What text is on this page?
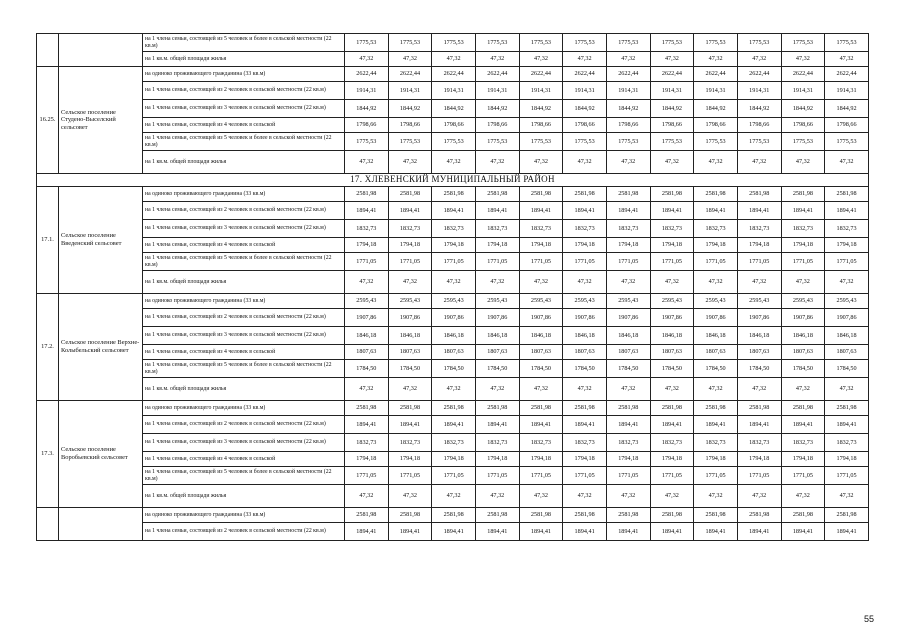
		на 1 члена семьи, состоящей из 5 человек и более в сельской местности (22 кв.м)	1775,53	1775,53	1775,53	1775,53	1775,53	1775,53	1775,53	1775,53	1775,53	1775,53	1775,53	1775,53
		на 1 кв.м. общей площади жилья	47,32	47,32	47,32	47,32	47,32	47,32	47,32	47,32	47,32	47,32	47,32	47,32
16.25.	Сельское поселение Студено-Выселский сельсовет	на одиноко проживающего гражданина (33 кв.м)	2622,44	2622,44	2622,44	2622,44	2622,44	2622,44	2622,44	2622,44	2622,44	2622,44	2622,44	2622,44
		на 1 члена семьи, состоящей из 2 человек в сельской местности (22 кв.м)	1914,31	1914,31	1914,31	1914,31	1914,31	1914,31	1914,31	1914,31	1914,31	1914,31	1914,31	1914,31
		на 1 члена семьи, состоящей из 3 человек в сельской местности (22 кв.м)	1844,92	1844,92	1844,92	1844,92	1844,92	1844,92	1844,92	1844,92	1844,92	1844,92	1844,92	1844,92
		на 1 члена семьи, состоящей из 4 человек в сельской	1798,66	1798,66	1798,66	1798,66	1798,66	1798,66	1798,66	1798,66	1798,66	1798,66	1798,66	1798,66
		на 1 члена семьи, состоящей из 5 человек и более в сельской местности (22 кв.м)	1775,53	1775,53	1775,53	1775,53	1775,53	1775,53	1775,53	1775,53	1775,53	1775,53	1775,53	1775,53
		на 1 кв.м. общей площади жилья	47,32	47,32	47,32	47,32	47,32	47,32	47,32	47,32	47,32	47,32	47,32	47,32
17. ХЛЕВЕНСКИЙ МУНИЦИПАЛЬНЫЙ РАЙОН														
17.1.	Сельское поселение Введенский сельсовет	на одиноко проживающего гражданина (33 кв.м)	2581,98	2581,98	2581,98	2581,98	2581,98	2581,98	2581,98	2581,98	2581,98	2581,98	2581,98	2581,98
		на 1 члена семьи, состоящей из 2 человек в сельской местности (22 кв.м)	1894,41	1894,41	1894,41	1894,41	1894,41	1894,41	1894,41	1894,41	1894,41	1894,41	1894,41	1894,41
		на 1 члена семьи, состоящей из 3 человек в сельской местности (22 кв.м)	1832,73	1832,73	1832,73	1832,73	1832,73	1832,73	1832,73	1832,73	1832,73	1832,73	1832,73	1832,73
		на 1 члена семьи, состоящей из 4 человек в сельской	1794,18	1794,18	1794,18	1794,18	1794,18	1794,18	1794,18	1794,18	1794,18	1794,18	1794,18	1794,18
		на 1 члена семьи, состоящей из 5 человек и более в сельской местности (22 кв.м)	1771,05	1771,05	1771,05	1771,05	1771,05	1771,05	1771,05	1771,05	1771,05	1771,05	1771,05	1771,05
		на 1 кв.м. общей площади жилья	47,32	47,32	47,32	47,32	47,32	47,32	47,32	47,32	47,32	47,32	47,32	47,32
17.2.	Сельское поселение Верхне-Колыбельский сельсовет	на одиноко проживающего гражданина (33 кв.м)	2595,43	2595,43	2595,43	2595,43	2595,43	2595,43	2595,43	2595,43	2595,43	2595,43	2595,43	2595,43
		на 1 члена семьи, состоящей из 2 человек в сельской местности (22 кв.м)	1907,86	1907,86	1907,86	1907,86	1907,86	1907,86	1907,86	1907,86	1907,86	1907,86	1907,86	1907,86
		на 1 члена семьи, состоящей из 3 человек в сельской местности (22 кв.м)	1846,18	1846,18	1846,18	1846,18	1846,18	1846,18	1846,18	1846,18	1846,18	1846,18	1846,18	1846,18
		на 1 члена семьи, состоящей из 4 человек в сельской	1807,63	1807,63	1807,63	1807,63	1807,63	1807,63	1807,63	1807,63	1807,63	1807,63	1807,63	1807,63
		на 1 члена семьи, состоящей из 5 человек и более в сельской местности (22 кв.м)	1784,50	1784,50	1784,50	1784,50	1784,50	1784,50	1784,50	1784,50	1784,50	1784,50	1784,50	1784,50
		на 1 кв.м. общей площади жилья	47,32	47,32	47,32	47,32	47,32	47,32	47,32	47,32	47,32	47,32	47,32	47,32
17.3.	Сельское поселение Воробьевский сельсовет	на одиноко проживающего гражданина (33 кв.м)	2581,98	2581,98	2581,98	2581,98	2581,98	2581,98	2581,98	2581,98	2581,98	2581,98	2581,98	2581,98
		на 1 члена семьи, состоящей из 2 человек в сельской местности (22 кв.м)	1894,41	1894,41	1894,41	1894,41	1894,41	1894,41	1894,41	1894,41	1894,41	1894,41	1894,41	1894,41
		на 1 члена семьи, состоящей из 3 человек в сельской местности (22 кв.м)	1832,73	1832,73	1832,73	1832,73	1832,73	1832,73	1832,73	1832,73	1832,73	1832,73	1832,73	1832,73
		на 1 члена семьи, состоящей из 4 человек в сельской	1794,18	1794,18	1794,18	1794,18	1794,18	1794,18	1794,18	1794,18	1794,18	1794,18	1794,18	1794,18
		на 1 члена семьи, состоящей из 5 человек и более в сельской местности (22 кв.м)	1771,05	1771,05	1771,05	1771,05	1771,05	1771,05	1771,05	1771,05	1771,05	1771,05	1771,05	1771,05
		на 1 кв.м. общей площади жилья	47,32	47,32	47,32	47,32	47,32	47,32	47,32	47,32	47,32	47,32	47,32	47,32
		на одиноко проживающего гражданина (33 кв.м)	2581,98	2581,98	2581,98	2581,98	2581,98	2581,98	2581,98	2581,98	2581,98	2581,98	2581,98	2581,98
		на 1 члена семьи, состоящей из 2 человек в сельской местности (22 кв.м)	1894,41	1894,41	1894,41	1894,41	1894,41	1894,41	1894,41	1894,41	1894,41	1894,41	1894,41	1894,41
55
